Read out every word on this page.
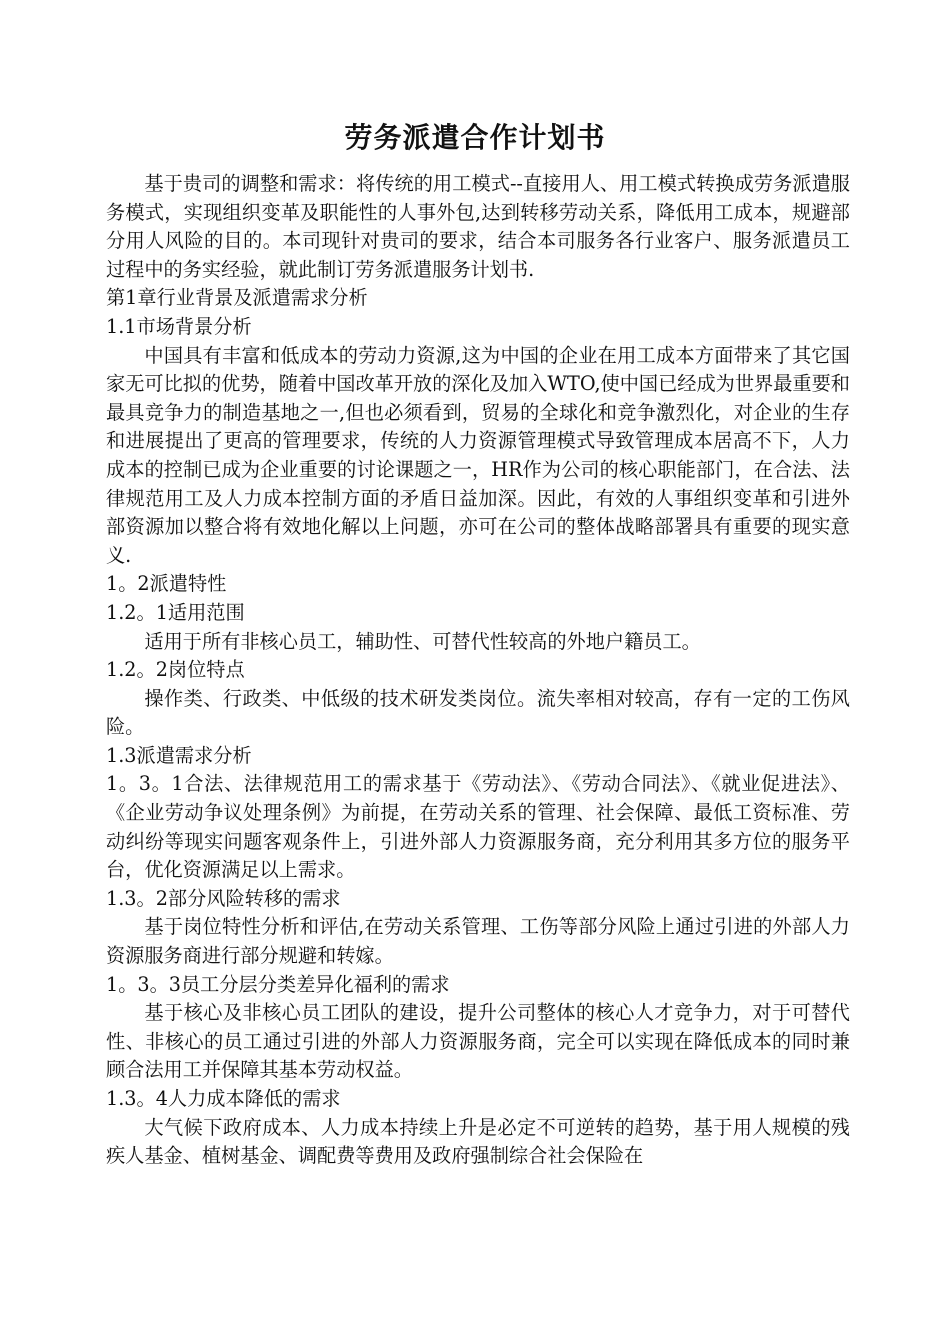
劳务派遣合作计划书

基于贵司的调整和需求：将传统的用工模式--直接用人、用工模式转换成劳务派遣服务模式，实现组织变革及职能性的人事外包,达到转移劳动关系，降低用工成本，规避部分用人风险的目的。本司现针对贵司的要求，结合本司服务各行业客户、服务派遣员工过程中的务实经验，就此制订劳务派遣服务计划书.

第1章行业背景及派遣需求分析

1.1市场背景分析

中国具有丰富和低成本的劳动力资源,这为中国的企业在用工成本方面带来了其它国家无可比拟的优势，随着中国改革开放的深化及加入WTO,使中国已经成为世界最重要和最具竞争力的制造基地之一,但也必须看到，贸易的全球化和竞争激烈化，对企业的生存和进展提出了更高的管理要求，传统的人力资源管理模式导致管理成本居高不下，人力成本的控制已成为企业重要的讨论课题之一，HR作为公司的核心职能部门，在合法、法律规范用工及人力成本控制方面的矛盾日益加深。因此，有效的人事组织变革和引进外部资源加以整合将有效地化解以上问题，亦可在公司的整体战略部署具有重要的现实意义.

1。2派遣特性

1.2。1适用范围

适用于所有非核心员工，辅助性、可替代性较高的外地户籍员工。

1.2。2岗位特点

操作类、行政类、中低级的技术研发类岗位。流失率相对较高，存有一定的工伤风险。

1.3派遣需求分析

1。3。1合法、法律规范用工的需求基于《劳动法》、《劳动合同法》、《就业促进法》、《企业劳动争议处理条例》为前提，在劳动关系的管理、社会保障、最低工资标准、劳动纠纷等现实问题客观条件上，引进外部人力资源服务商，充分利用其多方位的服务平台，优化资源满足以上需求。

1.3。2部分风险转移的需求

基于岗位特性分析和评估,在劳动关系管理、工伤等部分风险上通过引进的外部人力资源服务商进行部分规避和转嫁。

1。3。3员工分层分类差异化福利的需求

基于核心及非核心员工团队的建设，提升公司整体的核心人才竞争力，对于可替代性、非核心的员工通过引进的外部人力资源服务商，完全可以实现在降低成本的同时兼顾合法用工并保障其基本劳动权益。

1.3。4人力成本降低的需求

大气候下政府成本、人力成本持续上升是必定不可逆转的趋势，基于用人规模的残疾人基金、植树基金、调配费等费用及政府强制综合社会保险在
